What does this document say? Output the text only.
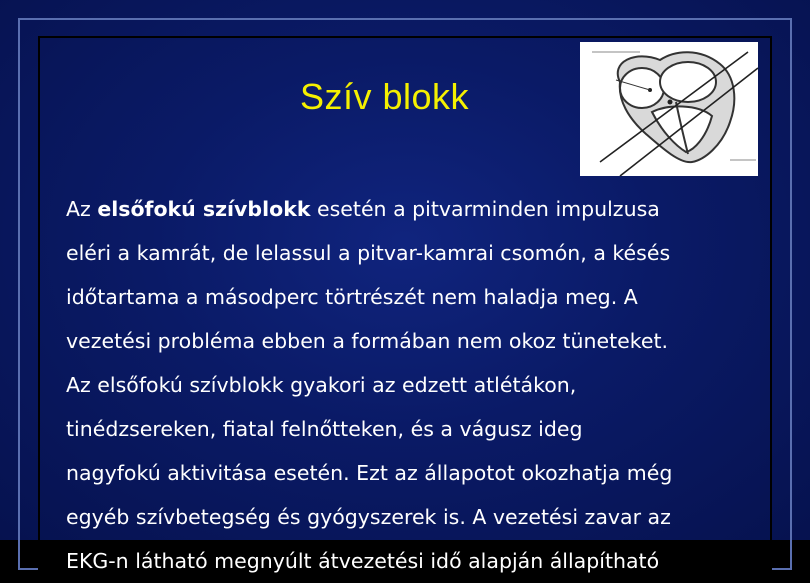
Szív blokk
Az elsőfokú szívblokk esetén a pitvarminden impulzusa
eléri a kamrát, de lelassul a pitvar-kamrai csomón, a késés
időtartama a másodperc törtrészét nem haladja meg. A
vezetési probléma ebben a formában nem okoz tüneteket.
Az elsőfokú szívblokk gyakori az edzett atlétákon,
tinédzsereken, fiatal felnőtteken, és a vágusz ideg
nagyfokú aktivitása esetén. Ezt az állapotot okozhatja még
egyéb szívbetegség és gyógyszerek is. A vezetési zavar az
EKG-n látható megnyúlt átvezetési idő alapján állapítható
